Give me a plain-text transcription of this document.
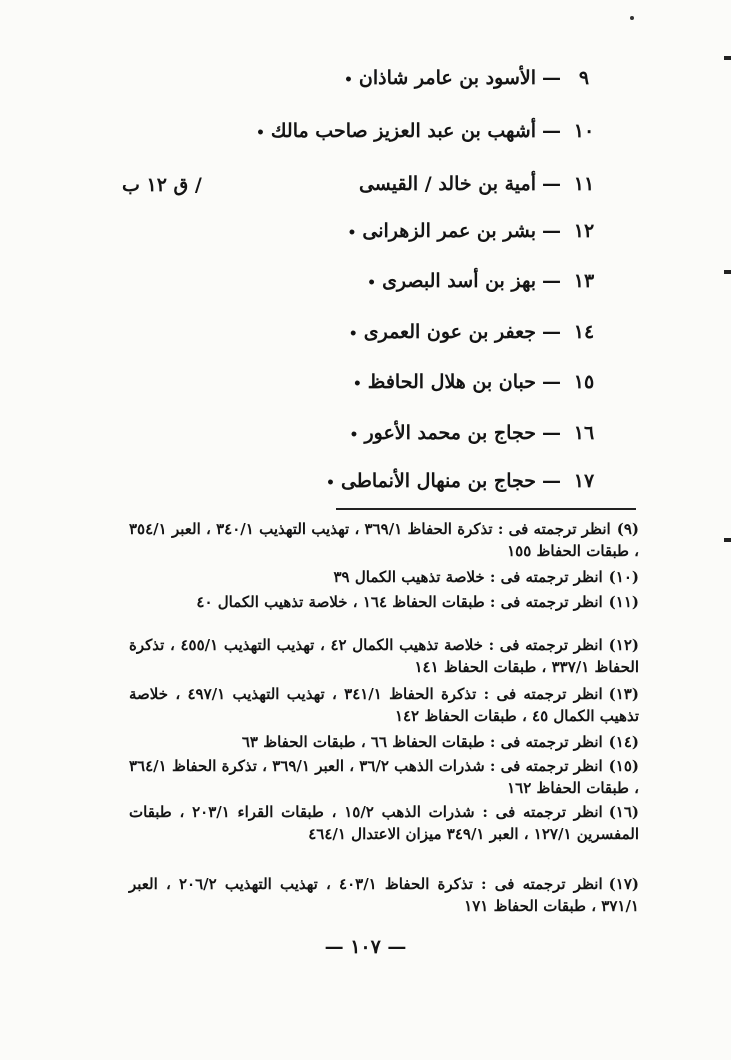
٩—الأسود بن عامر شاذان•
١٠—أشهب بن عبد العزيز صاحب مالك•
١١—أمية بن خالد / القيسى
١٢—بشر بن عمر الزهرانى•
١٣—بهز بن أسد البصرى•
١٤—جعفر بن عون العمرى•
١٥—حبان بن هلال الحافظ•
١٦—حجاج بن محمد الأعور•
١٧—حجاج بن منهال الأنماطى•
/ ق ١٢ ب
(٩)انظر ترجمته فى : تذكرة الحفاظ ٣٦٩/١ ، تهذيب التهذيب ٣٤٠/١ ، العبر ٣٥٤/١ ، طبقات الحفاظ ١٥٥
(١٠)انظر ترجمته فى : خلاصة تذهيب الكمال ٣٩
(١١)انظر ترجمته فى : طبقات الحفاظ ١٦٤ ، خلاصة تذهيب الكمال ٤٠
(١٢)انظر ترجمته فى : خلاصة تذهيب الكمال ٤٢ ، تهذيب التهذيب ٤٥٥/١ ، تذكرة الحفاظ ٣٣٧/١ ، طبقات الحفاظ ١٤١
(١٣)انظر ترجمته فى : تذكرة الحفاظ ٣٤١/١ ، تهذيب التهذيب ٤٩٧/١ ، خلاصة تذهيب الكمال ٤٥ ، طبقات الحفاظ ١٤٢
(١٤)انظر ترجمته فى : طبقات الحفاظ ٦٦ ، طبقات الحفاظ ٦٣
(١٥)انظر ترجمته فى : شذرات الذهب ٣٦/٢ ، العبر ٣٦٩/١ ، تذكرة الحفاظ ٣٦٤/١ ، طبقات الحفاظ ١٦٢
(١٦)انظر ترجمته فى : شذرات الذهب ١٥/٢ ، طبقات القراء ٢٠٣/١ ، طبقات المفسرين ١٢٧/١ ، العبر ٣٤٩/١ ميزان الاعتدال ٤٦٤/١
(١٧)انظر ترجمته فى : تذكرة الحفاظ ٤٠٣/١ ، تهذيب التهذيب ٢٠٦/٢ ، العبر ٣٧١/١ ، طبقات الحفاظ ١٧١
— ١٠٧ —
